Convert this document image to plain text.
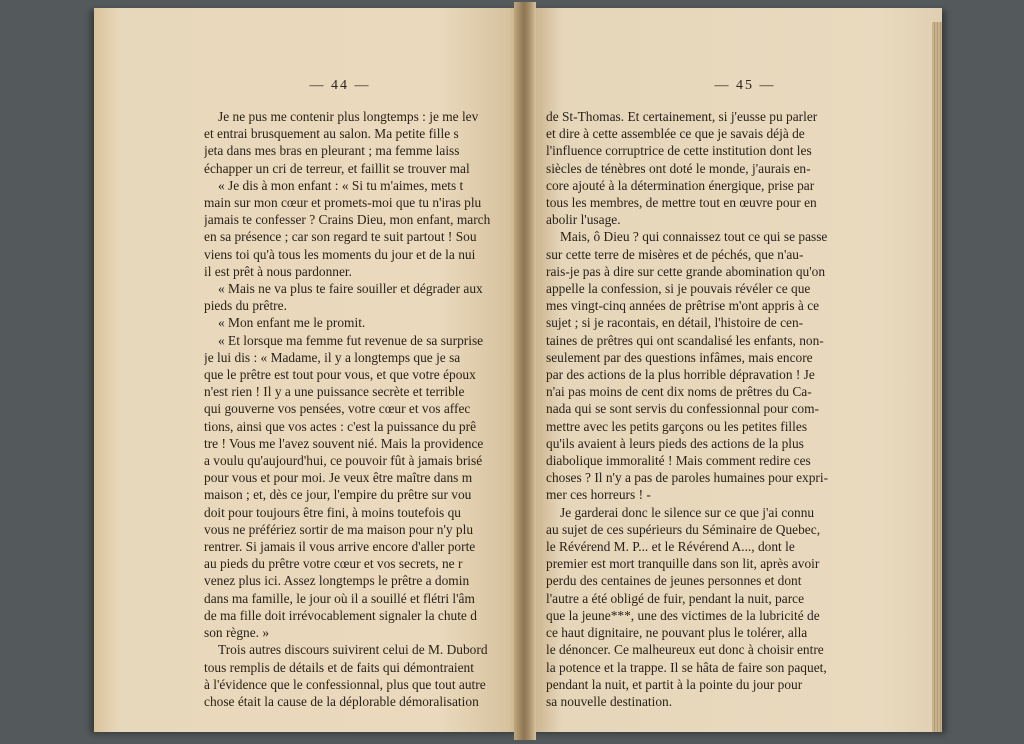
— 44 —
Je ne pus me contenir plus longtemps : je me lev
et entrai brusquement au salon. Ma petite fille s
jeta dans mes bras en pleurant ; ma femme laiss
échapper un cri de terreur, et faillit se trouver mal
« Je dis à mon enfant : « Si tu m'aimes, mets t
main sur mon cœur et promets-moi que tu n'iras plu
jamais te confesser ? Crains Dieu, mon enfant, march
en sa présence ; car son regard te suit partout ! Sou
viens toi qu'à tous les moments du jour et de la nui
il est prêt à nous pardonner.
« Mais ne va plus te faire souiller et dégrader aux
pieds du prêtre.
« Mon enfant me le promit.
« Et lorsque ma femme fut revenue de sa surprise
je lui dis : « Madame, il y a longtemps que je sa
que le prêtre est tout pour vous, et que votre époux
n'est rien ! Il y a une puissance secrète et terrible
qui gouverne vos pensées, votre cœur et vos affec
tions, ainsi que vos actes : c'est la puissance du prê
tre ! Vous me l'avez souvent nié. Mais la providence
a voulu qu'aujourd'hui, ce pouvoir fût à jamais brisé
pour vous et pour moi. Je veux être maître dans m
maison ; et, dès ce jour, l'empire du prêtre sur vou
doit pour toujours être fini, à moins toutefois qu
vous ne préfériez sortir de ma maison pour n'y plu
rentrer. Si jamais il vous arrive encore d'aller porte
au pieds du prêtre votre cœur et vos secrets, ne r
venez plus ici. Assez longtemps le prêtre a domin
dans ma famille, le jour où il a souillé et flétri l'âm
de ma fille doit irrévocablement signaler la chute d
son règne. »
Trois autres discours suivirent celui de M. Dubord
tous remplis de détails et de faits qui démontraient
à l'évidence que le confessionnal, plus que tout autre
chose était la cause de la déplorable démoralisation
— 45 —
de St-Thomas. Et certainement, si j'eusse pu parler
et dire à cette assemblée ce que je savais déjà de
l'influence corruptrice de cette institution dont les
siècles de ténèbres ont doté le monde, j'aurais en-
core ajouté à la détermination énergique, prise par
tous les membres, de mettre tout en œuvre pour en
abolir l'usage.
Mais, ô Dieu ? qui connaissez tout ce qui se passe
sur cette terre de misères et de péchés, que n'au-
rais-je pas à dire sur cette grande abomination qu'on
appelle la confession, si je pouvais révéler ce que
mes vingt-cinq années de prêtrise m'ont appris à ce
sujet ; si je racontais, en détail, l'histoire de cen-
taines de prêtres qui ont scandalisé les enfants, non-
seulement par des questions infâmes, mais encore
par des actions de la plus horrible dépravation ! Je
n'ai pas moins de cent dix noms de prêtres du Ca-
nada qui se sont servis du confessionnal pour com-
mettre avec les petits garçons ou les petites filles
qu'ils avaient à leurs pieds des actions de la plus
diabolique immoralité ! Mais comment redire ces
choses ? Il n'y a pas de paroles humaines pour expri-
mer ces horreurs ! -
Je garderai donc le silence sur ce que j'ai connu
au sujet de ces supérieurs du Séminaire de Quebec,
le Révérend M. P... et le Révérend A..., dont le
premier est mort tranquille dans son lit, après avoir
perdu des centaines de jeunes personnes et dont
l'autre a été obligé de fuir, pendant la nuit, parce
que la jeune***, une des victimes de la lubricité de
ce haut dignitaire, ne pouvant plus le tolérer, alla
le dénoncer. Ce malheureux eut donc à choisir entre
la potence et la trappe. Il se hâta de faire son paquet,
pendant la nuit, et partit à la pointe du jour pour
sa nouvelle destination.
